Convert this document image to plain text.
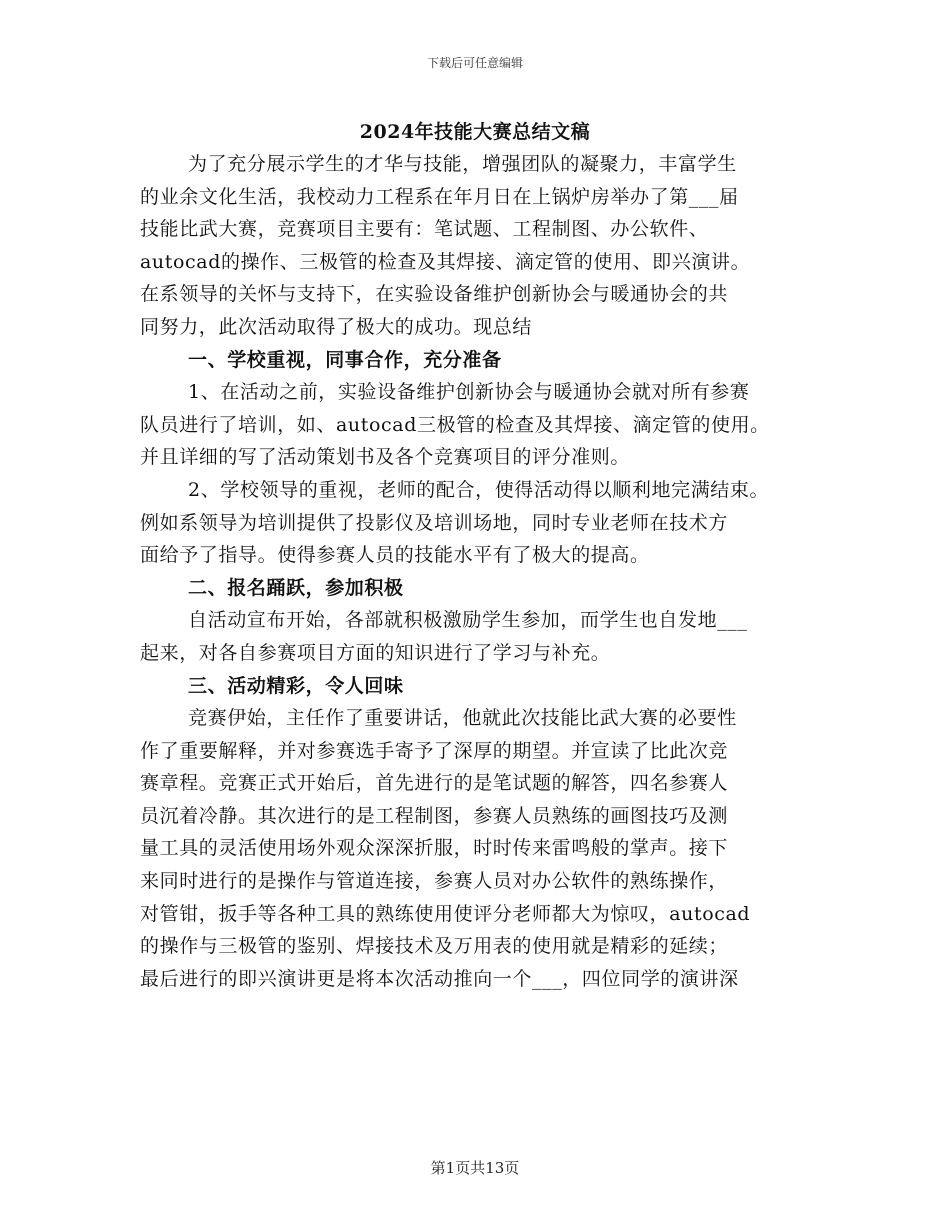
下载后可任意编辑
2024年技能大赛总结文稿
为了充分展示学生的才华与技能，增强团队的凝聚力，丰富学生
的业余文化生活，我校动力工程系在年月日在上锅炉房举办了第___届
技能比武大赛，竞赛项目主要有：笔试题、工程制图、办公软件、
autocad的操作、三极管的检查及其焊接、滴定管的使用、即兴演讲。
在系领导的关怀与支持下，在实验设备维护创新协会与暖通协会的共
同努力，此次活动取得了极大的成功。现总结
一、学校重视，同事合作，充分准备
1、在活动之前，实验设备维护创新协会与暖通协会就对所有参赛
队员进行了培训，如、autocad三极管的检查及其焊接、滴定管的使用。
并且详细的写了活动策划书及各个竞赛项目的评分准则。
2、学校领导的重视，老师的配合，使得活动得以顺利地完满结束。
例如系领导为培训提供了投影仪及培训场地，同时专业老师在技术方
面给予了指导。使得参赛人员的技能水平有了极大的提高。
二、报名踊跃，参加积极
自活动宣布开始，各部就积极激励学生参加，而学生也自发地___
起来，对各自参赛项目方面的知识进行了学习与补充。
三、活动精彩，令人回味
竞赛伊始，主任作了重要讲话，他就此次技能比武大赛的必要性
作了重要解释，并对参赛选手寄予了深厚的期望。并宣读了比此次竞
赛章程。竞赛正式开始后，首先进行的是笔试题的解答，四名参赛人
员沉着冷静。其次进行的是工程制图，参赛人员熟练的画图技巧及测
量工具的灵活使用场外观众深深折服，时时传来雷鸣般的掌声。接下
来同时进行的是操作与管道连接，参赛人员对办公软件的熟练操作，
对管钳，扳手等各种工具的熟练使用使评分老师都大为惊叹，autocad
的操作与三极管的鉴别、焊接技术及万用表的使用就是精彩的延续；
最后进行的即兴演讲更是将本次活动推向一个___，四位同学的演讲深
第1页共13页
